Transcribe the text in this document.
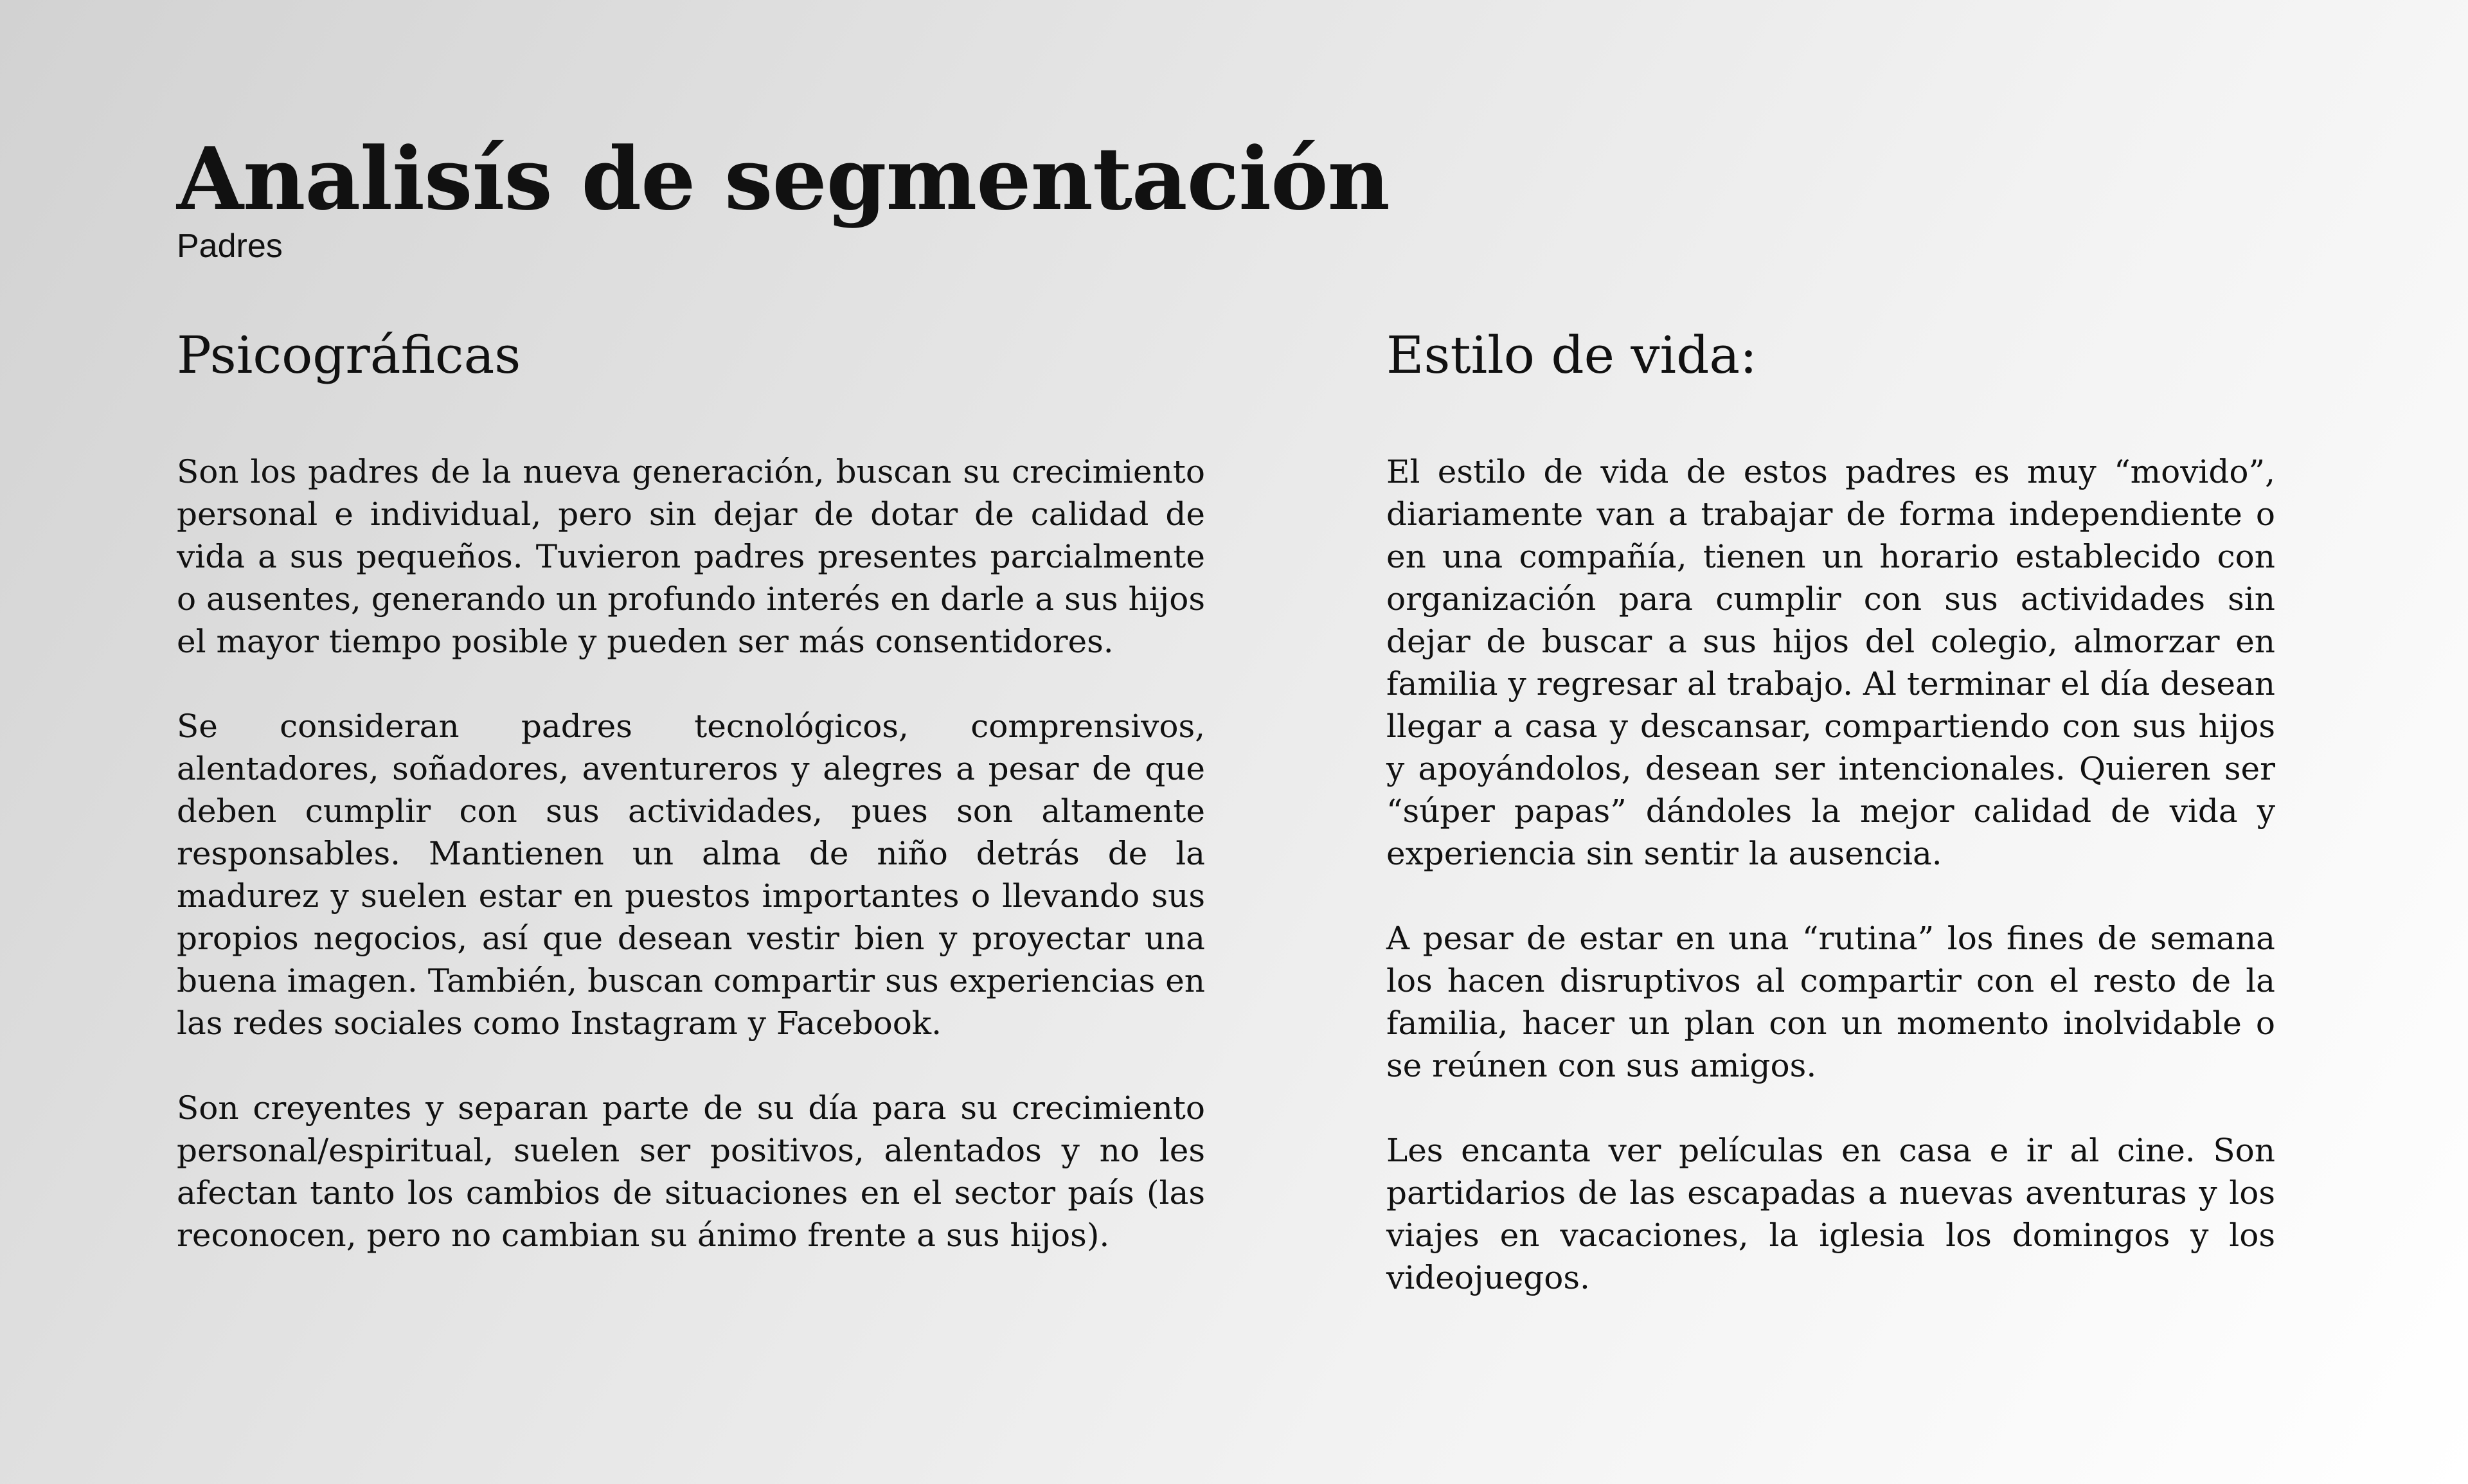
Analisís de segmentación
Padres
Psicográficas

Son los padres de la nueva generación, buscan su crecimiento personal e individual, pero sin dejar de dotar de calidad de vida a sus pequeños. Tuvieron padres presentes parcialmente o ausentes, generando un profundo interés en darle a sus hijos el mayor tiempo posible y pueden ser más consentidores.

Se consideran padres tecnológicos, comprensivos, alentadores, soñadores, aventureros y alegres a pesar de que deben cumplir con sus actividades, pues son altamente responsables. Mantienen un alma de niño detrás de la madurez y suelen estar en puestos importantes o llevando sus propios negocios, así que desean vestir bien y proyectar una buena imagen. También, buscan compartir sus experiencias en las redes sociales como Instagram y Facebook.

Son creyentes y separan parte de su día para su crecimiento personal/espiritual, suelen ser positivos, alentados y no les afectan tanto los cambios de situaciones en el sector país (las reconocen, pero no cambian su ánimo frente a sus hijos).

Estilo de vida:

El estilo de vida de estos padres es muy “movido”, diariamente van a trabajar de forma independiente o en una compañía, tienen un horario establecido con organización para cumplir con sus actividades sin dejar de buscar a sus hijos del colegio, almorzar en familia y regresar al trabajo. Al terminar el día desean llegar a casa y descansar, compartiendo con sus hijos y apoyándolos, desean ser intencionales. Quieren ser “súper papas” dándoles la mejor calidad de vida y experiencia sin sentir la ausencia.

A pesar de estar en una “rutina” los fines de semana los hacen disruptivos al compartir con el resto de la familia, hacer un plan con un momento inolvidable o se reúnen con sus amigos.

Les encanta ver películas en casa e ir al cine. Son partidarios de las escapadas a nuevas aventuras y los viajes en vacaciones, la iglesia los domingos y los videojuegos.
